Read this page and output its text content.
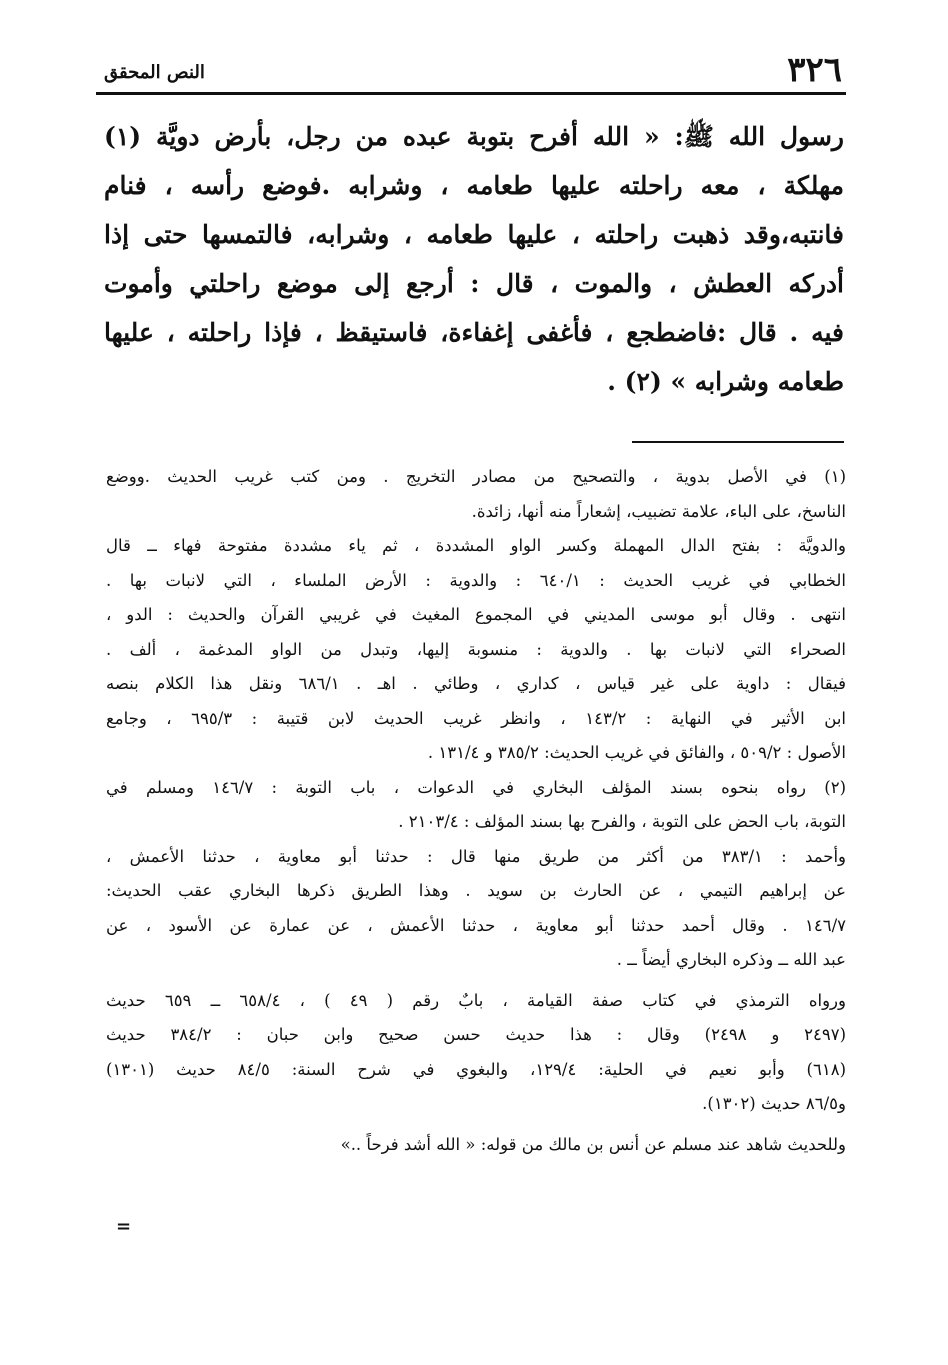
٣٢٦
النص المحقق
رسول الله ﷺ: « الله أفرح بتوبة عبده من رجل، بأرض دويَّة (١)
مهلكة ، معه راحلته عليها طعامه ، وشرابه .فوضع رأسه ، فنام
فانتبه،وقد ذهبت راحلته ، عليها طعامه ، وشرابه، فالتمسها حتى إذا
أدركه العطش ، والموت ، قال : أرجع إلى موضع راحلتي وأموت
فيه . قال :فاضطجع ، فأغفى إغفاءة، فاستيقظ ، فإذا راحلته ، عليها
طعامه وشرابه » (٢) .
(١) في الأصل بدوية ، والتصحيح من مصادر التخريج . ومن كتب غريب الحديث .ووضع
الناسخ، على الباء، علامة تضبيب، إشعاراً منه أنها، زائدة.
والدويَّة : بفتح الدال المهملة وكسر الواو المشددة ، ثم ياء مشددة مفتوحة فهاء ــ قال
الخطابي في غريب الحديث : ٦٤٠/١ : والدوية : الأرض الملساء ، التي لانبات بها .
انتهى . وقال أبو موسى المديني في المجموع المغيث في غريبي القرآن والحديث : الدو ،
الصحراء التي لانبات بها . والدوية : منسوبة إليها، وتبدل من الواو المدغمة ، ألف .
فيقال : داوية على غير قياس ، كداري ، وطائي . اهـ . ٦٨٦/١ ونقل هذا الكلام بنصه
ابن الأثير في النهاية : ١٤٣/٢ ، وانظر غريب الحديث لابن قتيبة : ٦٩٥/٣ ، وجامع
الأصول : ٥٠٩/٢ ، والفائق في غريب الحديث: ٣٨٥/٢ و ١٣١/٤ .
(٢) رواه بنحوه بسند المؤلف البخاري في الدعوات ، باب التوبة : ١٤٦/٧ ومسلم في
التوبة، باب الحض على التوبة ، والفرح بها بسند المؤلف : ٢١٠٣/٤ .
وأحمد : ٣٨٣/١ من أكثر من طريق منها قال : حدثنا أبو معاوية ، حدثنا الأعمش ،
عن إبراهيم التيمي ، عن الحارث بن سويد . وهذا الطريق ذكرها البخاري عقب الحديث:
١٤٦/٧ . وقال أحمد حدثنا أبو معاوية ، حدثنا الأعمش ، عن عمارة عن الأسود ، عن
عبد الله ــ وذكره البخاري أيضاً ــ .
ورواه الترمذي في كتاب صفة القيامة ، بابٌ رقم ( ٤٩ ) ، ٦٥٨/٤ ــ ٦٥٩ حديث
(٢٤٩٧ و ٢٤٩٨) وقال : هذا حديث حسن صحيح وابن حبان : ٣٨٤/٢ حديث
(٦١٨) وأبو نعيم في الحلية: ١٢٩/٤، والبغوي في شرح السنة: ٨٤/٥ حديث (١٣٠١)
و٨٦/٥ حديث (١٣٠٢).
وللحديث شاهد عند مسلم عن أنس بن مالك من قوله: « الله أشد فرحاً ..»
=
